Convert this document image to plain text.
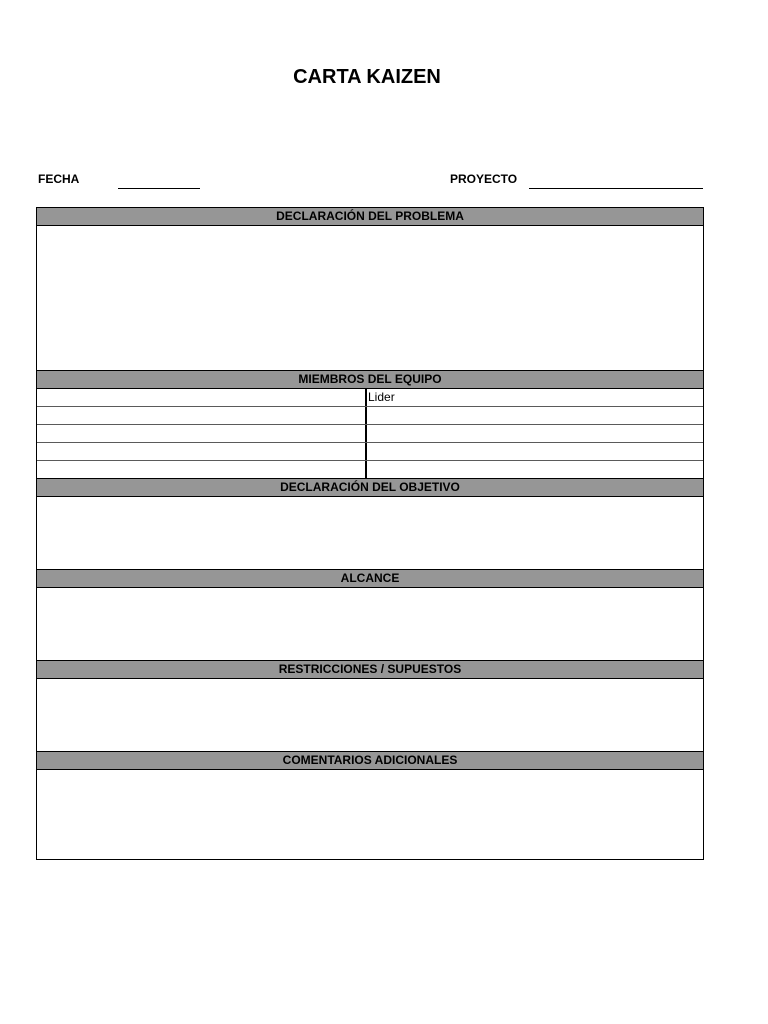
CARTA KAIZEN
FECHA	PROYECTO
DECLARACIÓN DEL PROBLEMA
MIEMBROS DEL EQUIPO
Lider
DECLARACIÓN DEL OBJETIVO
ALCANCE
RESTRICCIONES / SUPUESTOS
COMENTARIOS ADICIONALES
